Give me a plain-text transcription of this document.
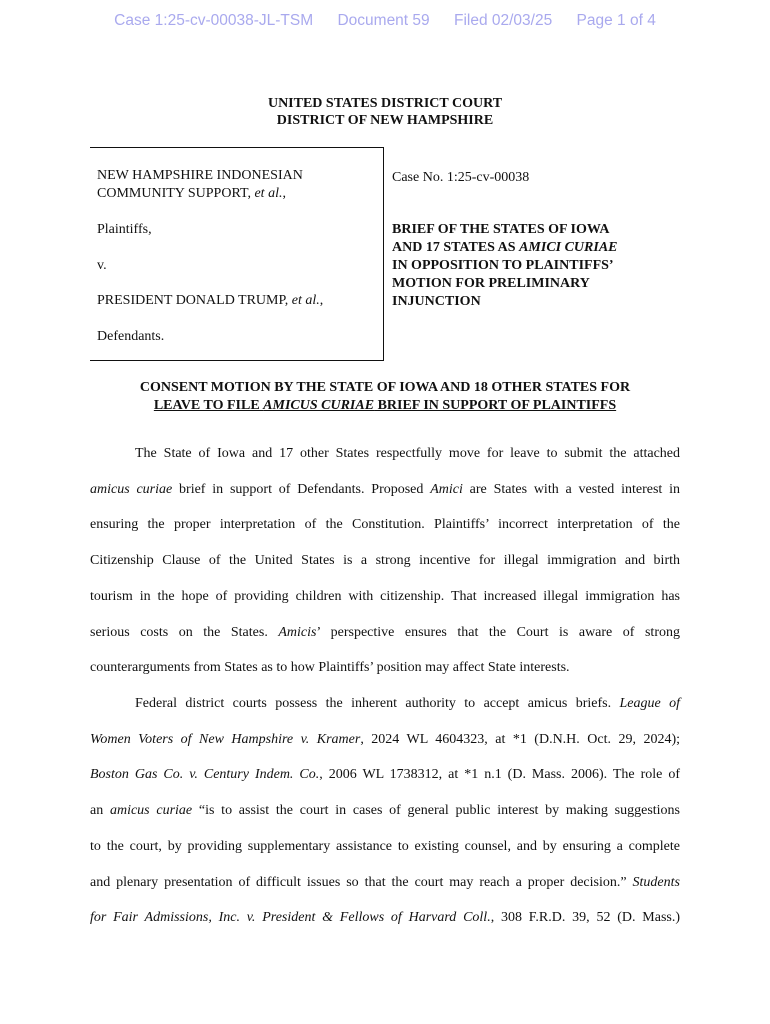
Case 1:25-cv-00038-JL-TSM Document 59 Filed 02/03/25 Page 1 of 4
UNITED STATES DISTRICT COURT
DISTRICT OF NEW HAMPSHIRE
NEW HAMPSHIRE INDONESIAN
COMMUNITY SUPPORT, et al.,
Plaintiffs,
v.
PRESIDENT DONALD TRUMP, et al.,
Defendants.
Case No. 1:25-cv-00038
BRIEF OF THE STATES OF IOWA
AND 17 STATES AS AMICI CURIAE
IN OPPOSITION TO PLAINTIFFS’
MOTION FOR PRELIMINARY
INJUNCTION
CONSENT MOTION BY THE STATE OF IOWA AND 18 OTHER STATES FOR
LEAVE TO FILE AMICUS CURIAE BRIEF IN SUPPORT OF PLAINTIFFS
The State of Iowa and 17 other States respectfully move for leave to submit the attached
amicus curiae brief in support of Defendants. Proposed Amici are States with a vested interest in
ensuring the proper interpretation of the Constitution. Plaintiffs’ incorrect interpretation of the
Citizenship Clause of the United States is a strong incentive for illegal immigration and birth
tourism in the hope of providing children with citizenship. That increased illegal immigration has
serious costs on the States. Amicis’ perspective ensures that the Court is aware of strong
counterarguments from States as to how Plaintiffs’ position may affect State interests.
Federal district courts possess the inherent authority to accept amicus briefs. League of
Women Voters of New Hampshire v. Kramer, 2024 WL 4604323, at *1 (D.N.H. Oct. 29, 2024);
Boston Gas Co. v. Century Indem. Co., 2006 WL 1738312, at *1 n.1 (D. Mass. 2006). The role of
an amicus curiae “is to assist the court in cases of general public interest by making suggestions
to the court, by providing supplementary assistance to existing counsel, and by ensuring a complete
and plenary presentation of difficult issues so that the court may reach a proper decision.” Students
for Fair Admissions, Inc. v. President & Fellows of Harvard Coll., 308 F.R.D. 39, 52 (D. Mass.)
